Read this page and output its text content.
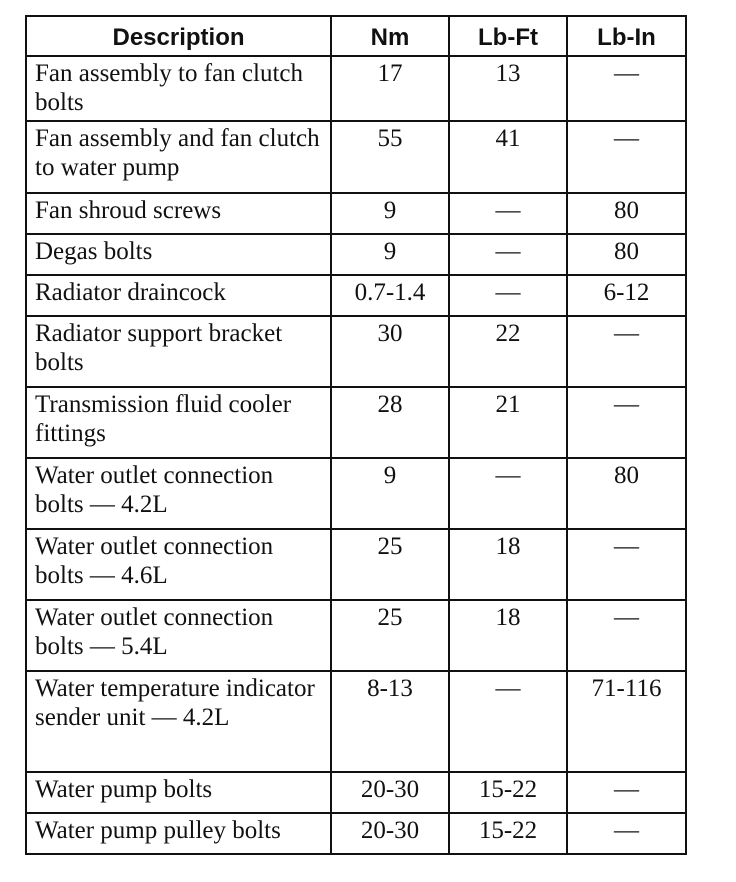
Description	Nm	Lb-Ft	Lb-In
Fan assembly to fan clutch bolts	17	13	—
Fan assembly and fan clutch to water pump	55	41	—
Fan shroud screws	9	—	80
Degas bolts	9	—	80
Radiator draincock	0.7-1.4	—	6-12
Radiator support bracket bolts	30	22	—
Transmission fluid cooler fittings	28	21	—
Water outlet connection bolts — 4.2L	9	—	80
Water outlet connection bolts — 4.6L	25	18	—
Water outlet connection bolts — 5.4L	25	18	—
Water temperature indicator sender unit — 4.2L	8-13	—	71-116
Water pump bolts	20-30	15-22	—
Water pump pulley bolts	20-30	15-22	—
